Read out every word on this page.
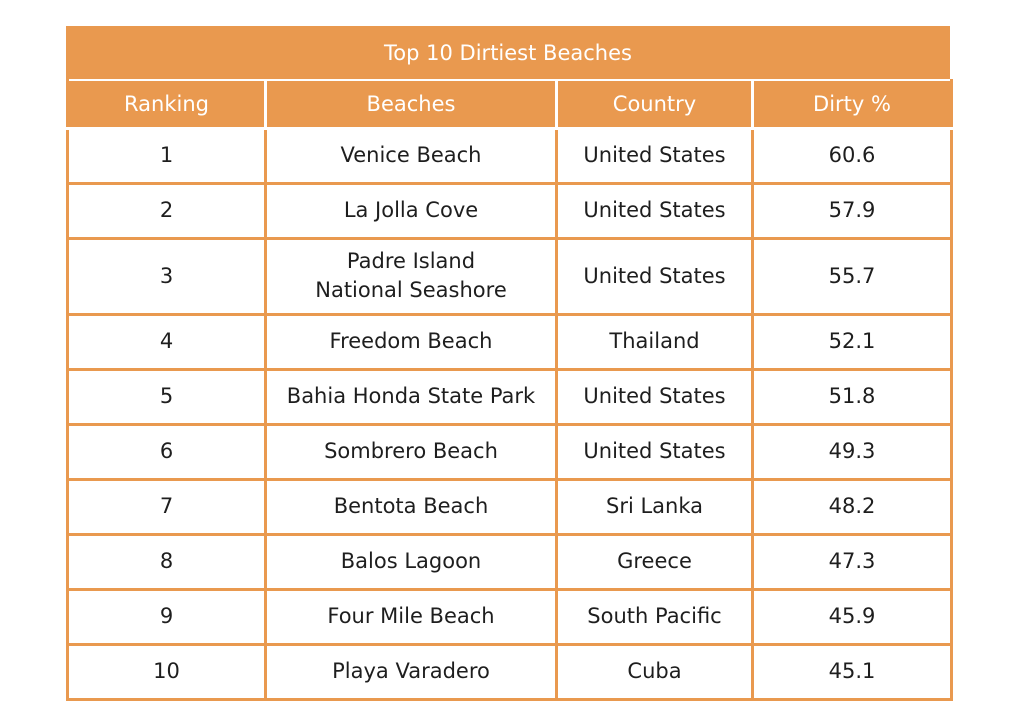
Top 10 Dirtiest Beaches
Ranking	Beaches	Country	Dirty %
1	Venice Beach	United States	60.6
2	La Jolla Cove	United States	57.9
3	Padre Island
National Seashore	United States	55.7
4	Freedom Beach	Thailand	52.1
5	Bahia Honda State Park	United States	51.8
6	Sombrero Beach	United States	49.3
7	Bentota Beach	Sri Lanka	48.2
8	Balos Lagoon	Greece	47.3
9	Four Mile Beach	South Pacific	45.9
10	Playa Varadero	Cuba	45.1
